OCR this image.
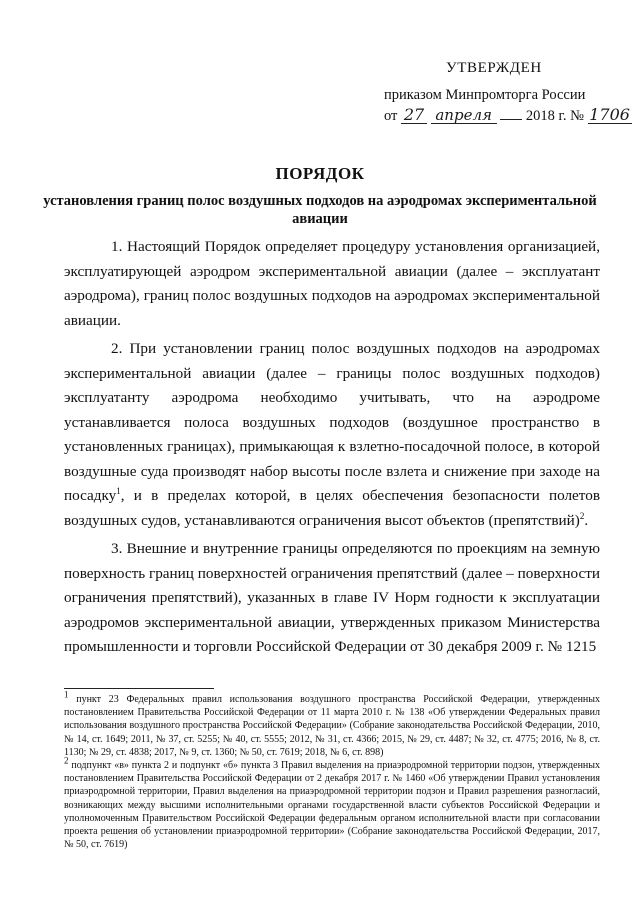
УТВЕРЖДЕН
приказом Минпромторга России
от 27 апреля 2018 г. № 1706
ПОРЯДОК
установления границ полос воздушных подходов на аэродромах экспериментальной авиации

1. Настоящий Порядок определяет процедуру установления организацией, эксплуатирующей аэродром экспериментальной авиации (далее – эксплуатант аэродрома), границ полос воздушных подходов на аэродромах экспериментальной авиации.

2. При установлении границ полос воздушных подходов на аэродромах экспериментальной авиации (далее – границы полос воздушных подходов) эксплуатанту аэродрома необходимо учитывать, что на аэродроме устанавливается полоса воздушных подходов (воздушное пространство в установленных границах), примыкающая к взлетно-посадочной полосе, в которой воздушные суда производят набор высоты после взлета и снижение при заходе на посадку$^1$, и в пределах которой, в целях обеспечения безопасности полетов воздушных судов, устанавливаются ограничения высот объектов (препятствий)$^2$.

3. Внешние и внутренние границы определяются по проекциям на земную поверхность границ поверхностей ограничения препятствий (далее – поверхности ограничения препятствий), указанных в главе IV Норм годности к эксплуатации аэродромов экспериментальной авиации, утвержденных приказом Министерства промышленности и торговли Российской Федерации от 30 декабря 2009 г. № 1215

$^1$ пункт 23 Федеральных правил использования воздушного пространства Российской Федерации, утвержденных постановлением Правительства Российской Федерации от 11 марта 2010 г. № 138 «Об утверждении Федеральных правил использования воздушного пространства Российской Федерации» (Собрание законодательства Российской Федерации, 2010, № 14, ст. 1649; 2011, № 37, ст. 5255; № 40, ст. 5555; 2012, № 31, ст. 4366; 2015, № 29, ст. 4487; № 32, ст. 4775; 2016, № 8, ст. 1130; № 29, ст. 4838; 2017, № 9, ст. 1360; № 50, ст. 7619; 2018, № 6, ст. 898)

$^2$ подпункт «в» пункта 2 и подпункт «б» пункта 3 Правил выделения на приаэродромной территории подзон, утвержденных постановлением Правительства Российской Федерации от 2 декабря 2017 г. № 1460 «Об утверждении Правил установления приаэродромной территории, Правил выделения на приаэродромной территории подзон и Правил разрешения разногласий, возникающих между высшими исполнительными органами государственной власти субъектов Российской Федерации и уполномоченным Правительством Российской Федерации федеральным органом исполнительной власти при согласовании проекта решения об установлении приаэродромной территории» (Собрание законодательства Российской Федерации, 2017, № 50, ст. 7619)
